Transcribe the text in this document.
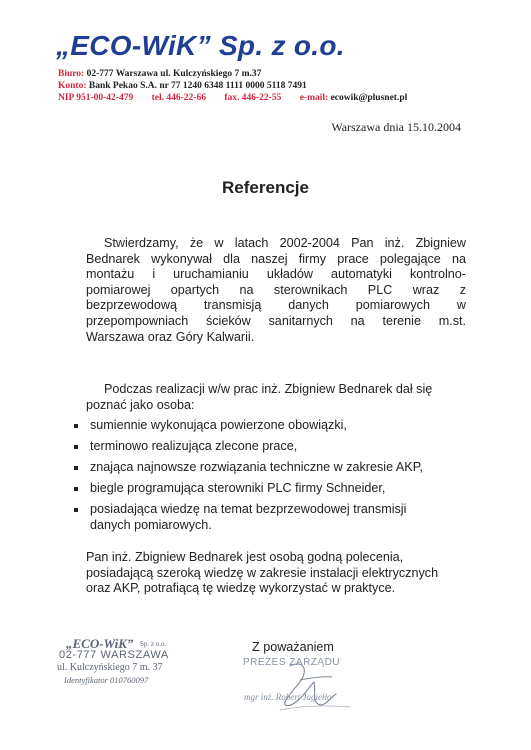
„ECO-WiK” Sp. z o.o.
Biuro: 02-777 Warszawa ul. Kulczyńskiego 7 m.37
Konto: Bank Pekao S.A. nr 77 1240 6348 1111 0000 5118 7491
NIP 951-00-42-479 tel. 446-22-66 fax. 446-22-55 e-mail: ecowik@plusnet.pl
Warszawa dnia 15.10.2004
Referencje
Stwierdzamy, że w latach 2002-2004 Pan inż. Zbigniew
Bednarek wykonywał dla naszej firmy prace polegające na
montażu i uruchamianiu układów automatyki kontrolno-
pomiarowej opartych na sterownikach PLC wraz z
bezprzewodową transmisją danych pomiarowych w
przepompowniach ścieków sanitarnych na terenie m.st.
Warszawa oraz Góry Kalwarii.
Podczas realizacji w/w prac inż. Zbigniew Bednarek dał się
poznać jako osoba:
sumiennie wykonująca powierzone obowiązki,
terminowo realizująca zlecone prace,
znająca najnowsze rozwiązania techniczne w zakresie AKP,
biegle programująca sterowniki PLC firmy Schneider,
posiadająca wiedzę na temat bezprzewodowej transmisji danych pomiarowych.
Pan inż. Zbigniew Bednarek jest osobą godną polecenia,
posiadającą szeroką wiedzę w zakresie instalacji elektrycznych
oraz AKP, potrafiącą tę wiedzę wykorzystać w praktyce.
Z poważaniem
„ECO-WiK” Sp. z o.o.
02-777 WARSZAWA
ul. Kulczyńskiego 7 m. 37
Identyfikator 010760097
PREZES ZARZĄDU
mgr inż. Robert Jagiełło
